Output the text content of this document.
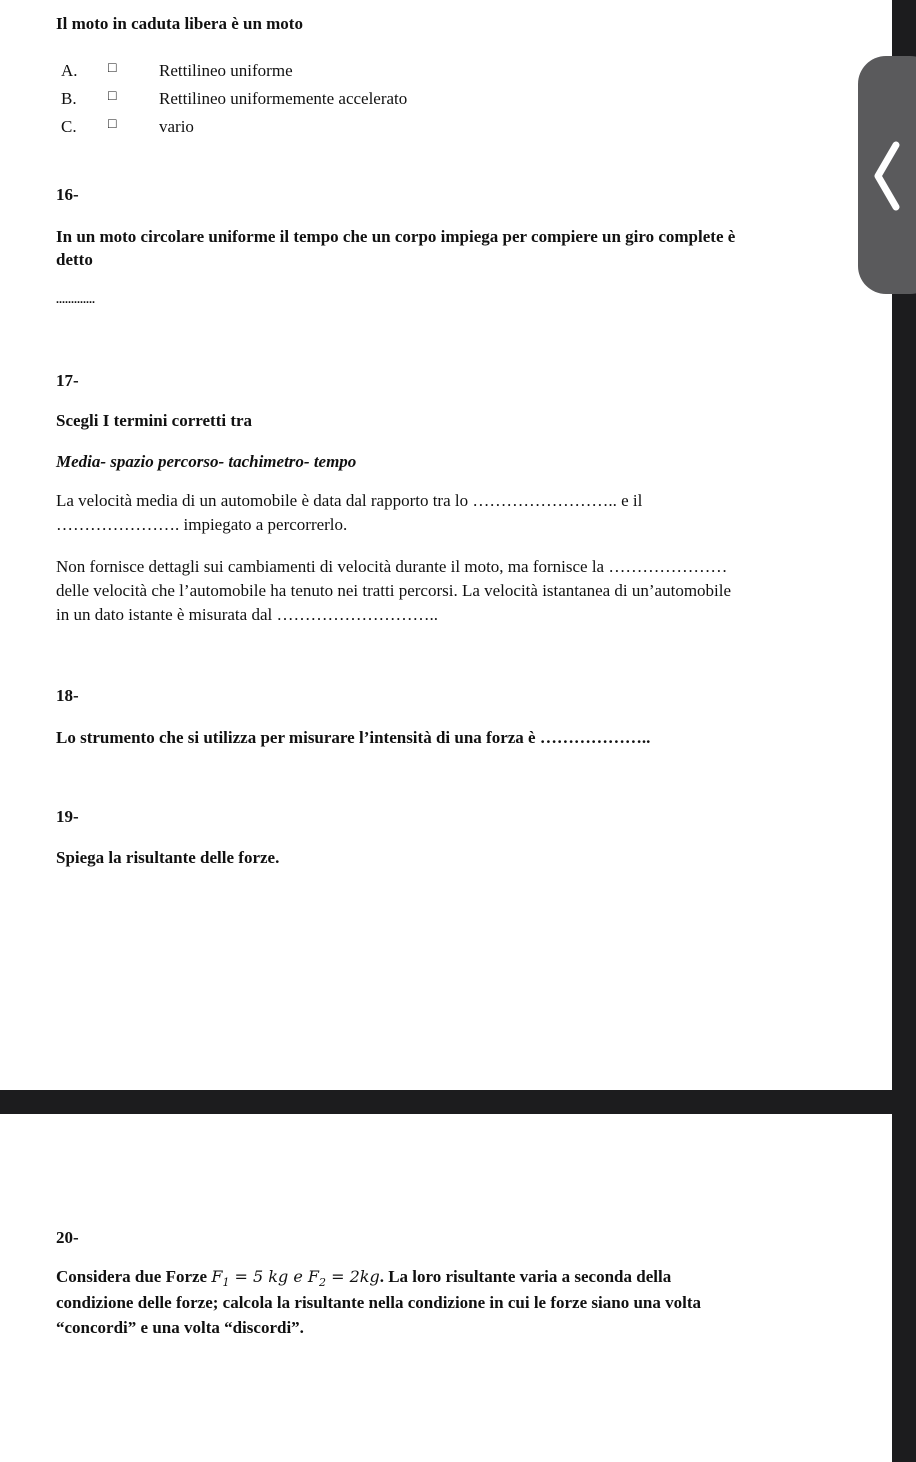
Il moto in caduta libera è un moto
A. □	Rettilineo uniforme
B. □	Rettilineo uniformemente accelerato
C. □	vario
16-
In un moto circolare uniforme il tempo che un corpo impiega per compiere un giro complete è
detto
.............
17-
Scegli I termini corretti tra
Media- spazio percorso- tachimetro- tempo
La velocità media di un automobile è data dal rapporto tra lo …………………….. e il
…………………. impiegato a percorrerlo.
Non fornisce dettagli sui cambiamenti di velocità durante il moto, ma fornisce la …………………
delle velocità che l’automobile ha tenuto nei tratti percorsi. La velocità istantanea di un’automobile
in un dato istante è misurata dal ………………………..
18-
Lo strumento che si utilizza per misurare l’intensità di una forza è ………………..
19-
Spiega la risultante delle forze.
20-
Considera due Forze $F_1 = 5$ kg e $F_2 = 2kg$. La loro risultante varia a seconda della
condizione delle forze; calcola la risultante nella condizione in cui le forze siano una volta
“concordi” e una volta “discordi”.
